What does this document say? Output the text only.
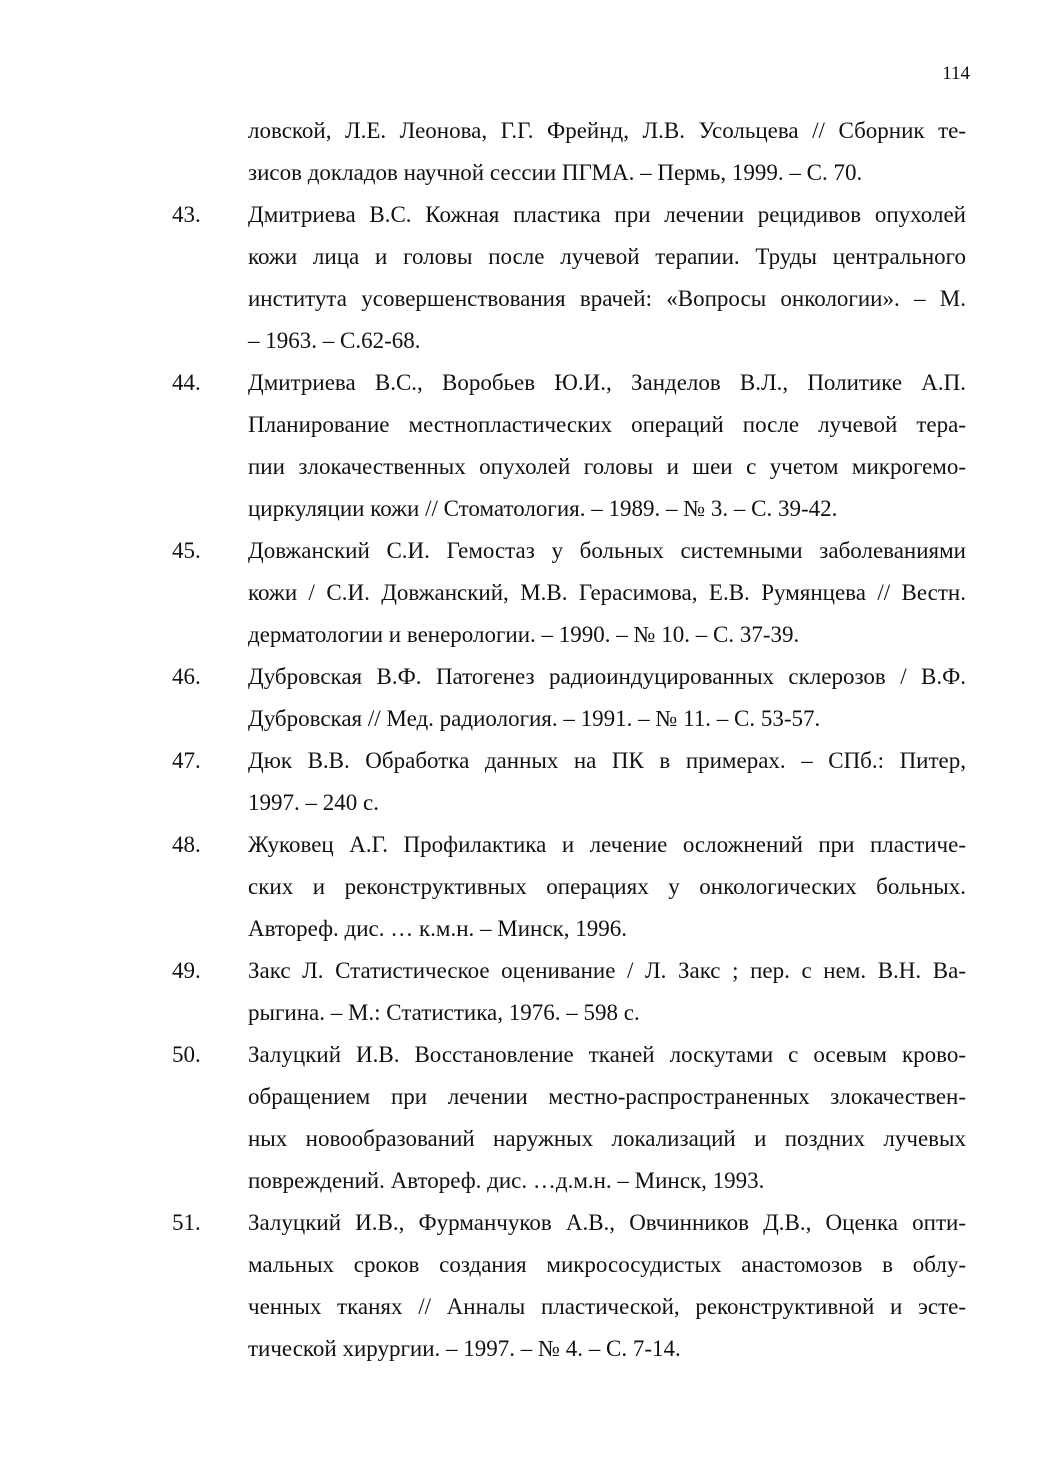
114
ловской, Л.Е. Леонова, Г.Г. Фрейнд, Л.В. Усольцева // Сборник те-
зисов докладов научной сессии ПГМА. – Пермь, 1999. – С. 70.
43.	Дмитриева В.С. Кожная пластика при лечении рецидивов опухолей
кожи лица и головы после лучевой терапии. Труды центрального
института усовершенствования врачей: «Вопросы онкологии». – М.
– 1963. – С.62-68.
44.	Дмитриева В.С., Воробьев Ю.И., Занделов В.Л., Политике А.П.
Планирование местнопластических операций после лучевой тера-
пии злокачественных опухолей головы и шеи с учетом микрогемо-
циркуляции кожи // Стоматология. – 1989. – № 3. – С. 39-42.
45.	Довжанский С.И. Гемостаз у больных системными заболеваниями
кожи / С.И. Довжанский, М.В. Герасимова, Е.В. Румянцева // Вестн.
дерматологии и венерологии. – 1990. – № 10. – С. 37-39.
46.	Дубровская В.Ф. Патогенез радиоиндуцированных склерозов / В.Ф.
Дубровская // Мед. радиология. – 1991. – № 11. – С. 53-57.
47.	Дюк В.В. Обработка данных на ПК в примерах. – СПб.: Питер,
1997. – 240 с.
48.	Жуковец А.Г. Профилактика и лечение осложнений при пластиче-
ских и реконструктивных операциях у онкологических больных.
Автореф. дис. … к.м.н. – Минск, 1996.
49.	Закс Л. Статистическое оценивание / Л. Закс ; пер. с нем. В.Н. Ва-
рыгина. – М.: Статистика, 1976. – 598 с.
50.	Залуцкий И.В. Восстановление тканей лоскутами с осевым крово-
обращением при лечении местно-распространенных злокачествен-
ных новообразований наружных локализаций и поздних лучевых
повреждений. Автореф. дис. …д.м.н. – Минск, 1993.
51.	Залуцкий И.В., Фурманчуков А.В., Овчинников Д.В., Оценка опти-
мальных сроков создания микрососудистых анастомозов в облу-
ченных тканях // Анналы пластической, реконструктивной и эсте-
тической хирургии. – 1997. – № 4. – С. 7-14.
